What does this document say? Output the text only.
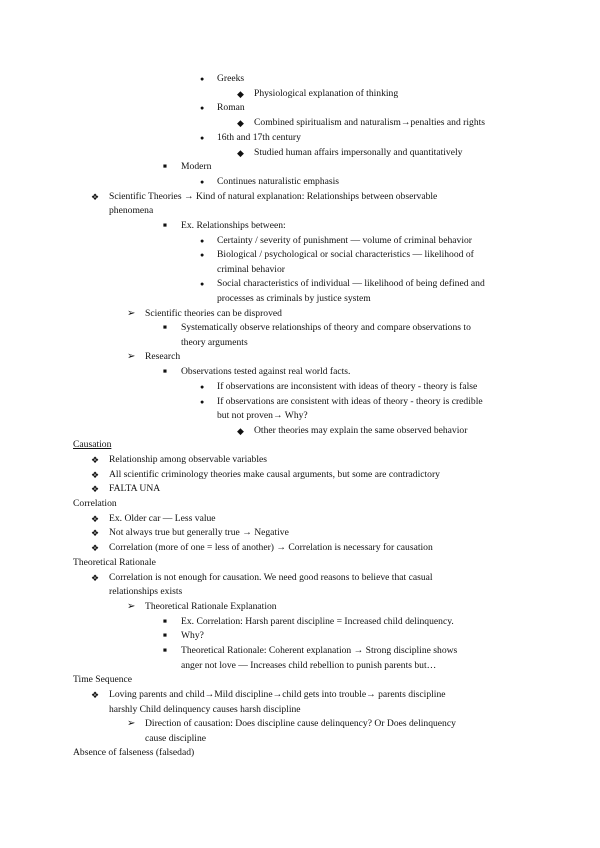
●
Greeks
◆
Physiological explanation of thinking
●
Roman
◆
Combined spiritualism and naturalism→penalties and rights
●
16th and 17th century
◆
Studied human affairs impersonally and quantitatively
■
Modern
●
Continues naturalistic emphasis
❖
Scientific Theories → Kind of natural explanation: Relationships between observable
phenomena
■
Ex. Relationships between:
●
Certainty / severity of punishment — volume of criminal behavior
●
Biological / psychological or social characteristics — likelihood of
criminal behavior
●
Social characteristics of individual — likelihood of being defined and
processes as criminals by justice system
➢
Scientific theories can be disproved
■
Systematically observe relationships of theory and compare observations to
theory arguments
➢
Research
■
Observations tested against real world facts.
●
If observations are inconsistent with ideas of theory - theory is false
●
If observations are consistent with ideas of theory - theory is credible
but not proven→ Why?
◆
Other theories may explain the same observed behavior
Causation
❖
Relationship among observable variables
❖
All scientific criminology theories make causal arguments, but some are contradictory
❖
FALTA UNA
Correlation
❖
Ex. Older car — Less value
❖
Not always true but generally true → Negative
❖
Correlation (more of one = less of another) → Correlation is necessary for causation
Theoretical Rationale
❖
Correlation is not enough for causation. We need good reasons to believe that casual
relationships exists
➢
Theoretical Rationale Explanation
■
Ex. Correlation: Harsh parent discipline = Increased child delinquency.
■
Why?
■
Theoretical Rationale: Coherent explanation → Strong discipline shows
anger not love — Increases child rebellion to punish parents but…
Time Sequence
❖
Loving parents and child→Mild discipline→child gets into trouble→ parents discipline
harshly Child delinquency causes harsh discipline
➢
Direction of causation: Does discipline cause delinquency? Or Does delinquency
cause discipline
Absence of falseness (falsedad)
